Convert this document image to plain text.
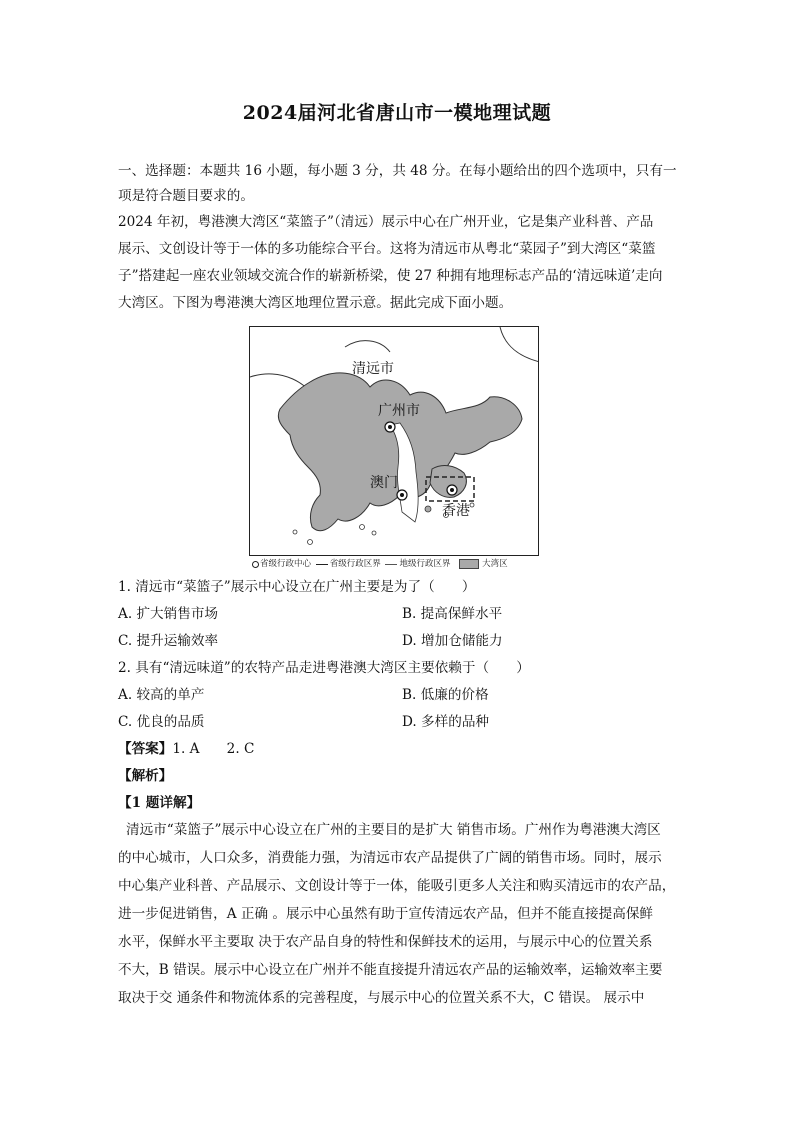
2024届河北省唐山市一模地理试题
一、选择题：本题共 16 小题，每小题 3 分，共 48 分。在每小题给出的四个选项中，只有一
项是符合题目要求的。
2024 年初，粤港澳大湾区“菜篮子”（清远）展示中心在广州开业，它是集产业科普、产品
展示、文创设计等于一体的多功能综合平台。这将为清远市从粤北“菜园子”到大湾区“菜篮
子”搭建起一座农业领域交流合作的崭新桥梁，使 27 种拥有地理标志产品的‘清远味道’走向
大湾区。下图为粤港澳大湾区地理位置示意。据此完成下面小题。
清远市
广州市
澳门
香港
省级行政中心 省级行政区界 地级行政区界	大湾区
1. 清远市“菜篮子”展示中心设立在广州主要是为了（　　）
A. 扩大销售市场	B. 提高保鲜水平
C. 提升运输效率	D. 增加仓储能力
2. 具有“清远味道”的农特产品走进粤港澳大湾区主要依赖于（　　）
A. 较高的单产	B. 低廉的价格
C. 优良的品质	D. 多样的品种
【答案】1. A　　2. C
【解析】
【1 题详解】
清远市“菜篮子”展示中心设立在广州的主要目的是扩大 销售市场。广州作为粤港澳大湾区
的中心城市，人口众多，消费能力强，为清远市农产品提供了广阔的销售市场。同时，展示
中心集产业科普、产品展示、文创设计等于一体，能吸引更多人关注和购买清远市的农产品，
进一步促进销售，A 正确 。展示中心虽然有助于宣传清远农产品，但并不能直接提高保鲜
水平，保鲜水平主要取 决于农产品自身的特性和保鲜技术的运用，与展示中心的位置关系
不大，B 错误。展示中心设立在广州并不能直接提升清远农产品的运输效率，运输效率主要
取决于交 通条件和物流体系的完善程度，与展示中心的位置关系不大，C 错误。 展示中
